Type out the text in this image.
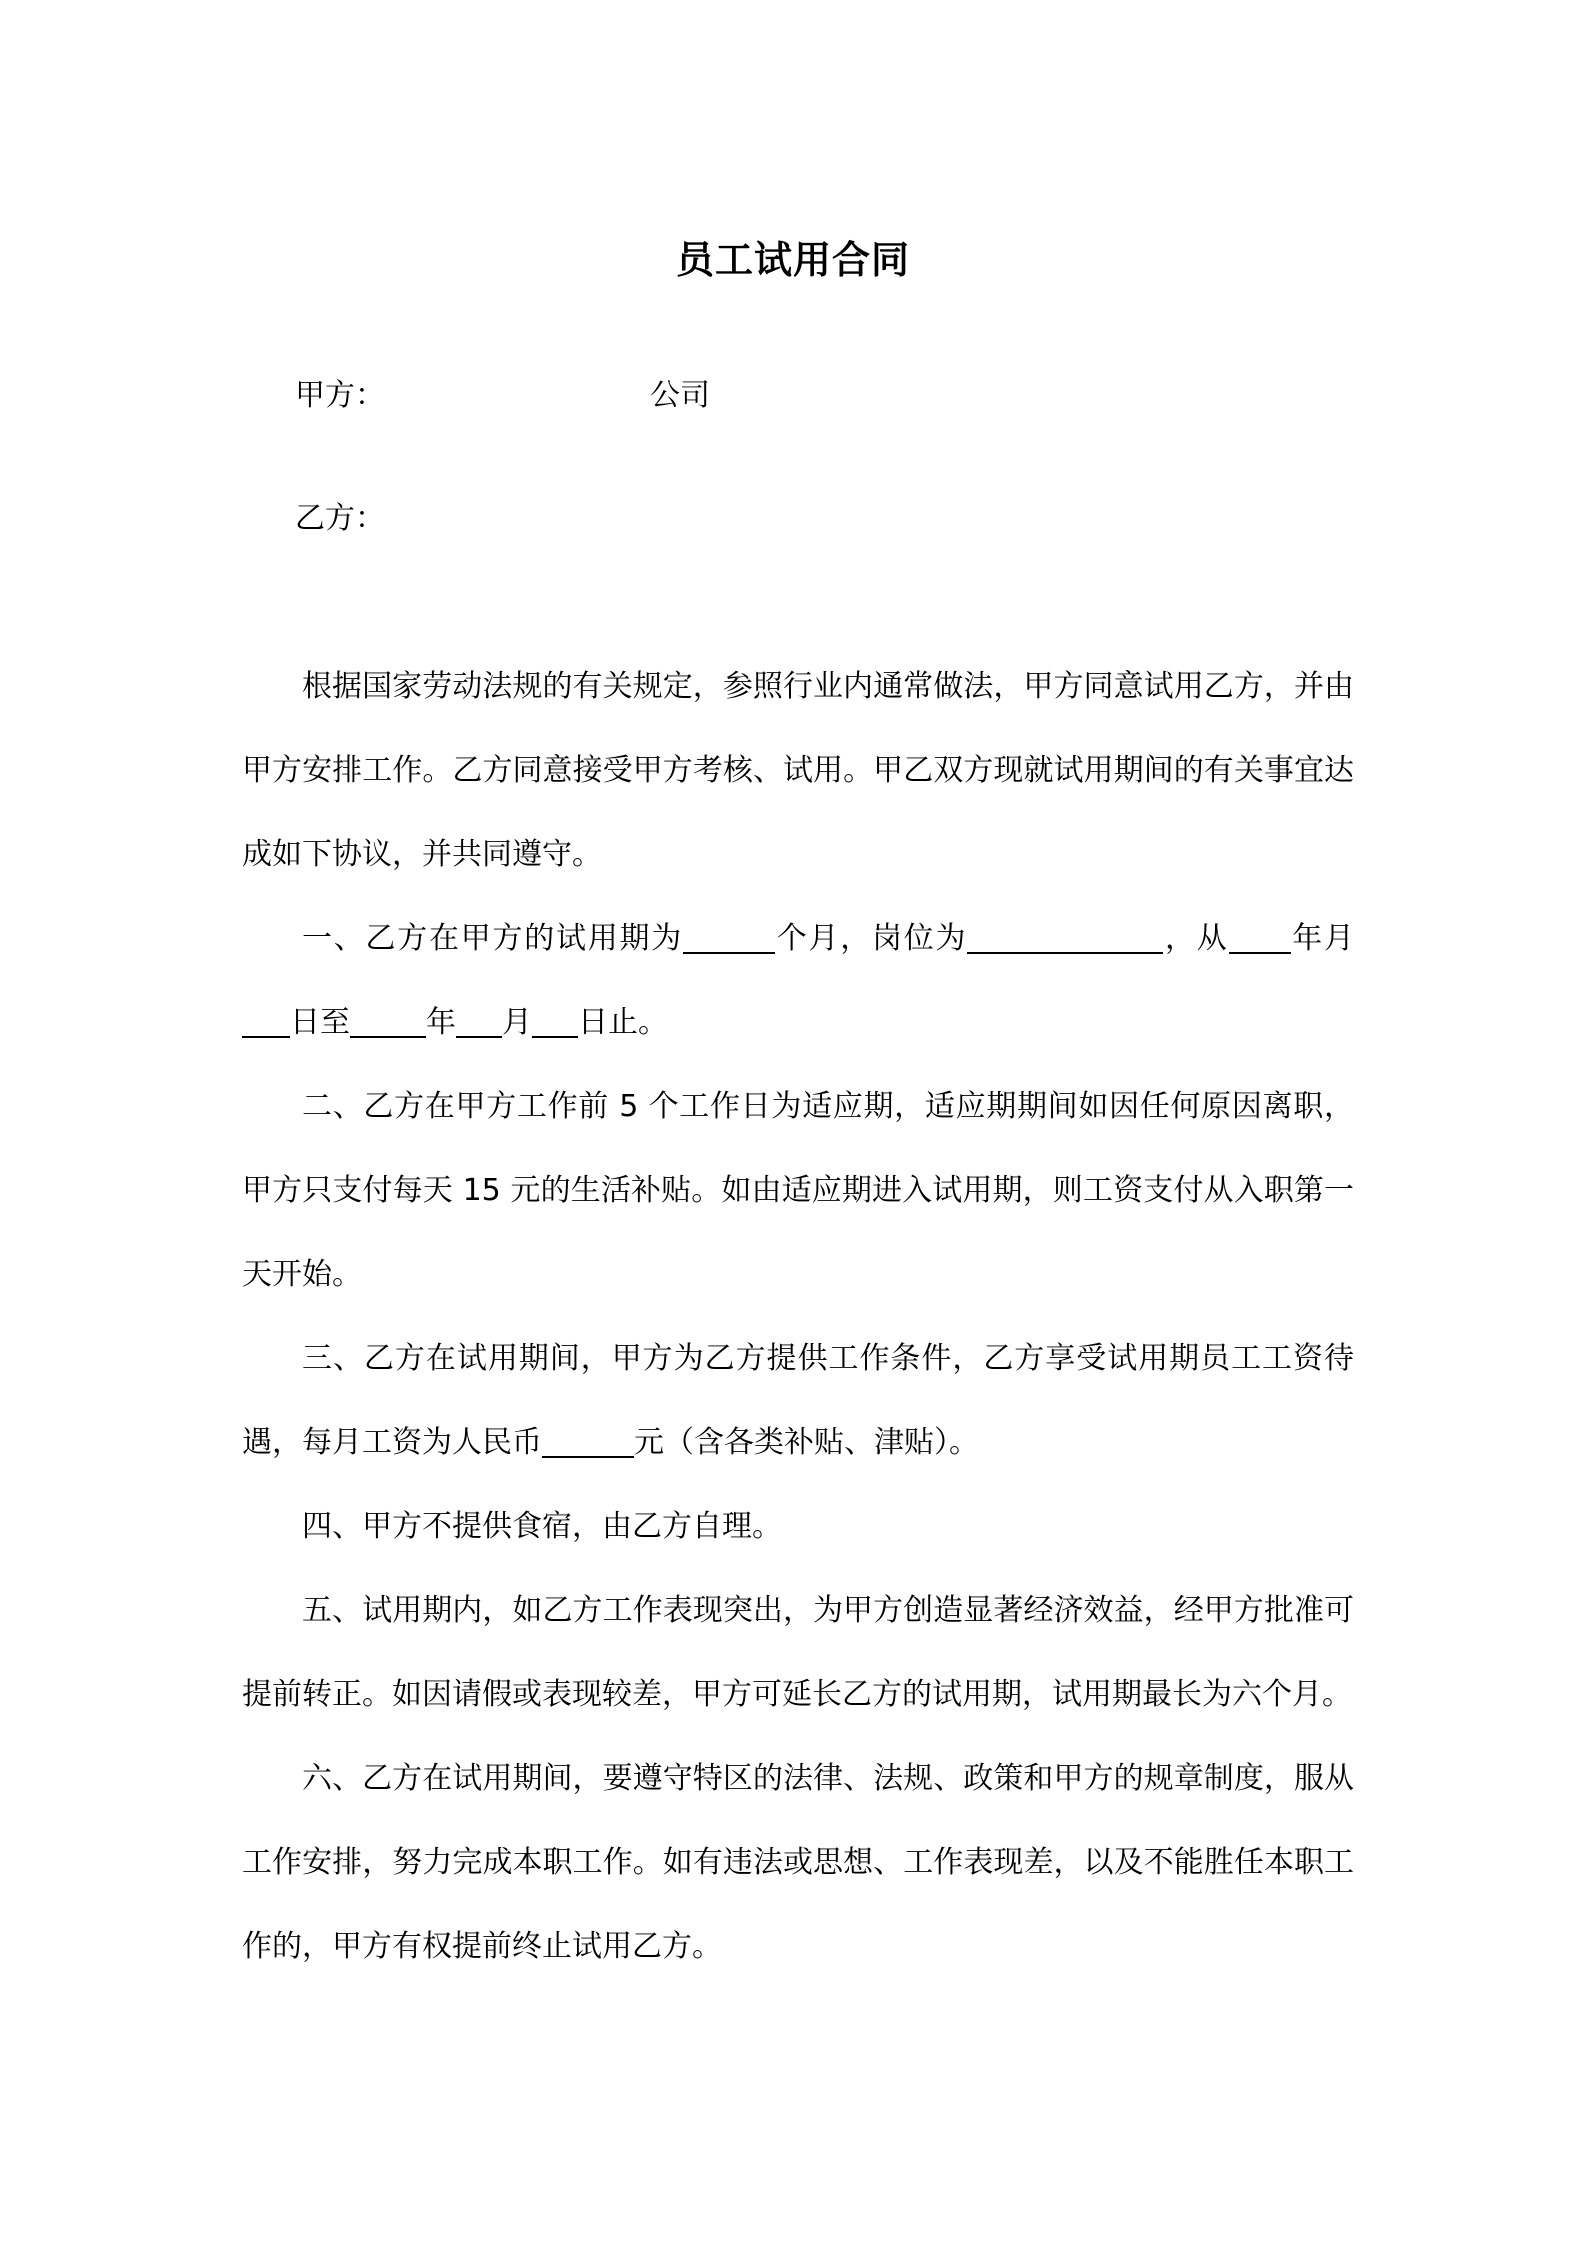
员工试用合同
甲方：	公司
乙方：

根据国家劳动法规的有关规定，参照行业内通常做法，甲方同意试用乙方，并由甲方安排工作。乙方同意接受甲方考核、试用。甲乙双方现就试用期间的有关事宜达成如下协议，并共同遵守。

一、乙方在甲方的试用期为	个月，岗位为	，从 年月日至	年 月 日止。

二、乙方在甲方工作前 5 个工作日为适应期，适应期期间如因任何原因离职，甲方只支付每天 15 元的生活补贴。如由适应期进入试用期，则工资支付从入职第一天开始。

三、乙方在试用期间，甲方为乙方提供工作条件，乙方享受试用期员工工资待遇，每月工资为人民币	元（含各类补贴、津贴）。

四、甲方不提供食宿，由乙方自理。

五、试用期内，如乙方工作表现突出，为甲方创造显著经济效益，经甲方批准可提前转正。如因请假或表现较差，甲方可延长乙方的试用期，试用期最长为六个月。

六、乙方在试用期间，要遵守特区的法律、法规、政策和甲方的规章制度，服从工作安排，努力完成本职工作。如有违法或思想、工作表现差，以及不能胜任本职工作的，甲方有权提前终止试用乙方。
